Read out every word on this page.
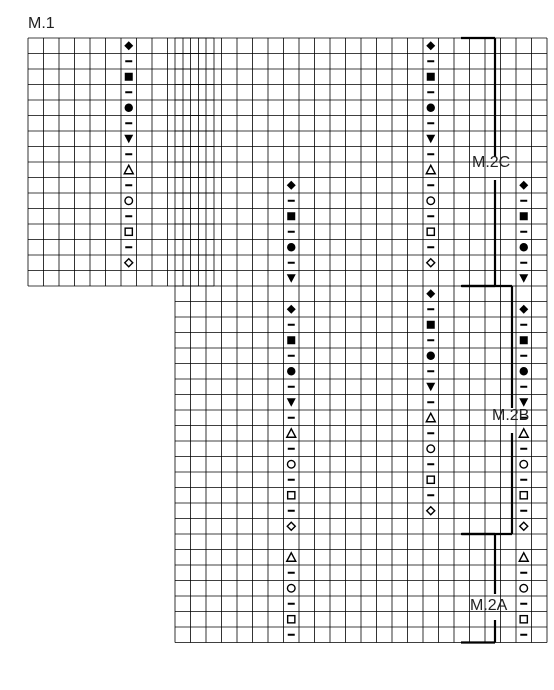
M.1
M.2C
M.2B
M.2A
